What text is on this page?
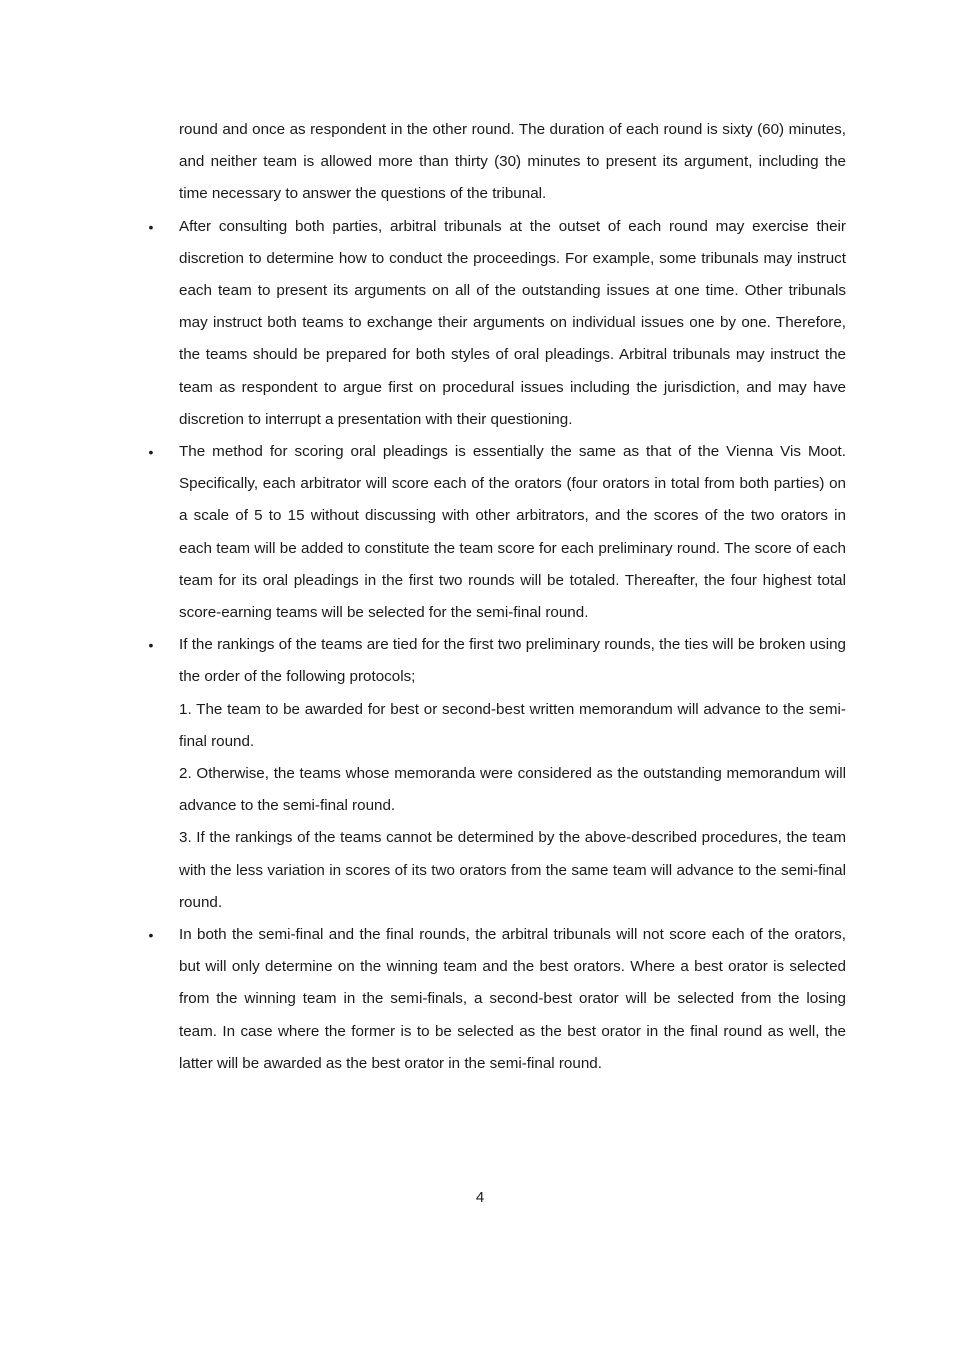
round and once as respondent in the other round. The duration of each round is sixty (60) minutes, and neither team is allowed more than thirty (30) minutes to present its argument, including the time necessary to answer the questions of the tribunal.

• After consulting both parties, arbitral tribunals at the outset of each round may exercise their discretion to determine how to conduct the proceedings. For example, some tribunals may instruct each team to present its arguments on all of the outstanding issues at one time. Other tribunals may instruct both teams to exchange their arguments on individual issues one by one. Therefore, the teams should be prepared for both styles of oral pleadings. Arbitral tribunals may instruct the team as respondent to argue first on procedural issues including the jurisdiction, and may have discretion to interrupt a presentation with their questioning.

• The method for scoring oral pleadings is essentially the same as that of the Vienna Vis Moot. Specifically, each arbitrator will score each of the orators (four orators in total from both parties) on a scale of 5 to 15 without discussing with other arbitrators, and the scores of the two orators in each team will be added to constitute the team score for each preliminary round. The score of each team for its oral pleadings in the first two rounds will be totaled. Thereafter, the four highest total score-earning teams will be selected for the semi-final round.

• If the rankings of the teams are tied for the first two preliminary rounds, the ties will be broken using the order of the following protocols;

1. The team to be awarded for best or second-best written memorandum will advance to the semi-final round.

2. Otherwise, the teams whose memoranda were considered as the outstanding memorandum will advance to the semi-final round.

3. If the rankings of the teams cannot be determined by the above-described procedures, the team with the less variation in scores of its two orators from the same team will advance to the semi-final round.

• In both the semi-final and the final rounds, the arbitral tribunals will not score each of the orators, but will only determine on the winning team and the best orators. Where a best orator is selected from the winning team in the semi-finals, a second-best orator will be selected from the losing team. In case where the former is to be selected as the best orator in the final round as well, the latter will be awarded as the best orator in the semi-final round.

4
